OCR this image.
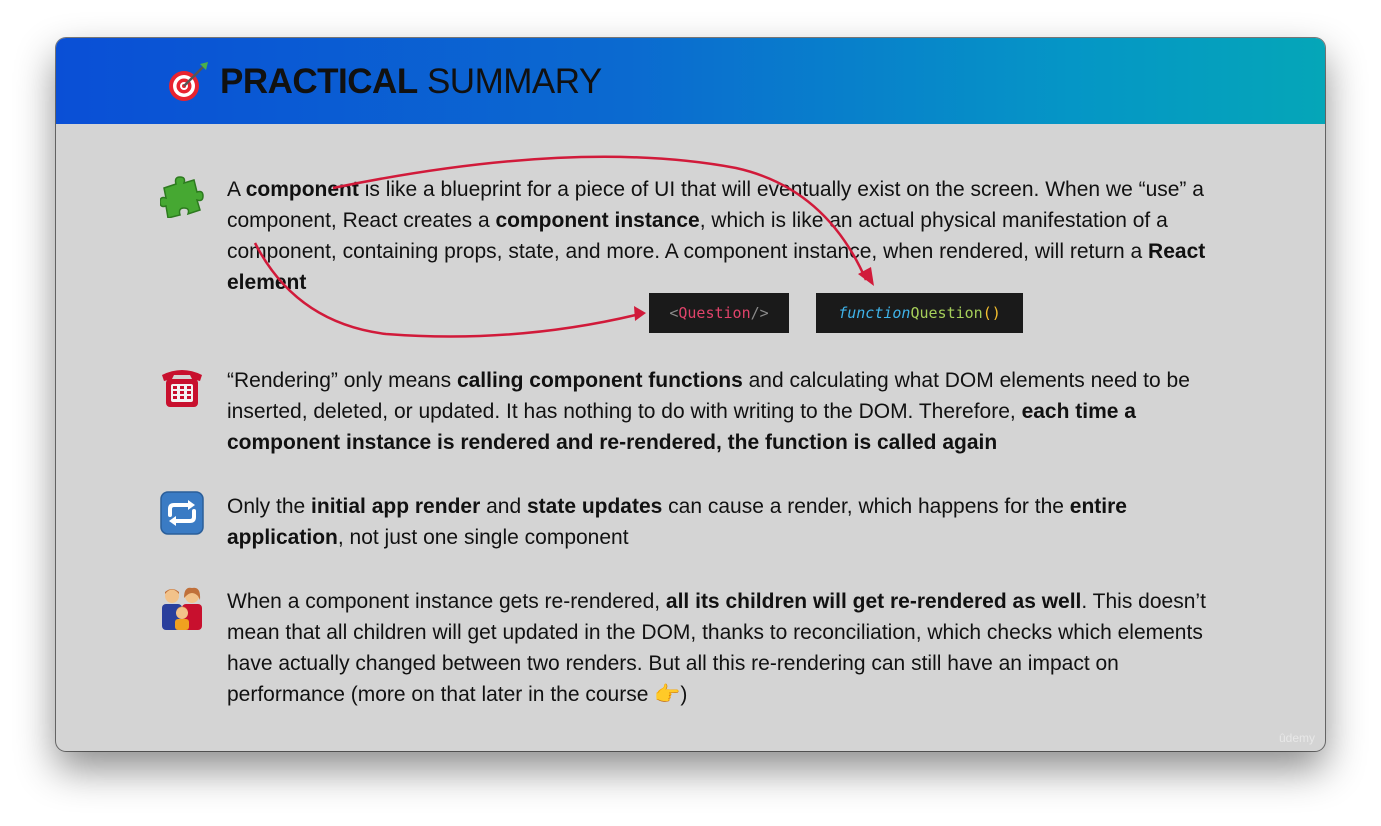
PRACTICAL SUMMARY
A component is like a blueprint for a piece of UI that will eventually exist on the screen. When we “use” a component, React creates a component instance, which is like an actual physical manifestation of a component, containing props, state, and more. A component instance, when rendered, will return a React element
< Question />	function Question ()
“Rendering” only means calling component functions and calculating what DOM elements need to be inserted, deleted, or updated. It has nothing to do with writing to the DOM. Therefore, each time a component instance is rendered and re-rendered, the function is called again
Only the initial app render and state updates can cause a render, which happens for the entire application, not just one single component
When a component instance gets re-rendered, all its children will get re-rendered as well. This doesn’t mean that all children will get updated in the DOM, thanks to reconciliation, which checks which elements have actually changed between two renders. But all this re-rendering can still have an impact on performance (more on that later in the course 👉)
ûdemy
